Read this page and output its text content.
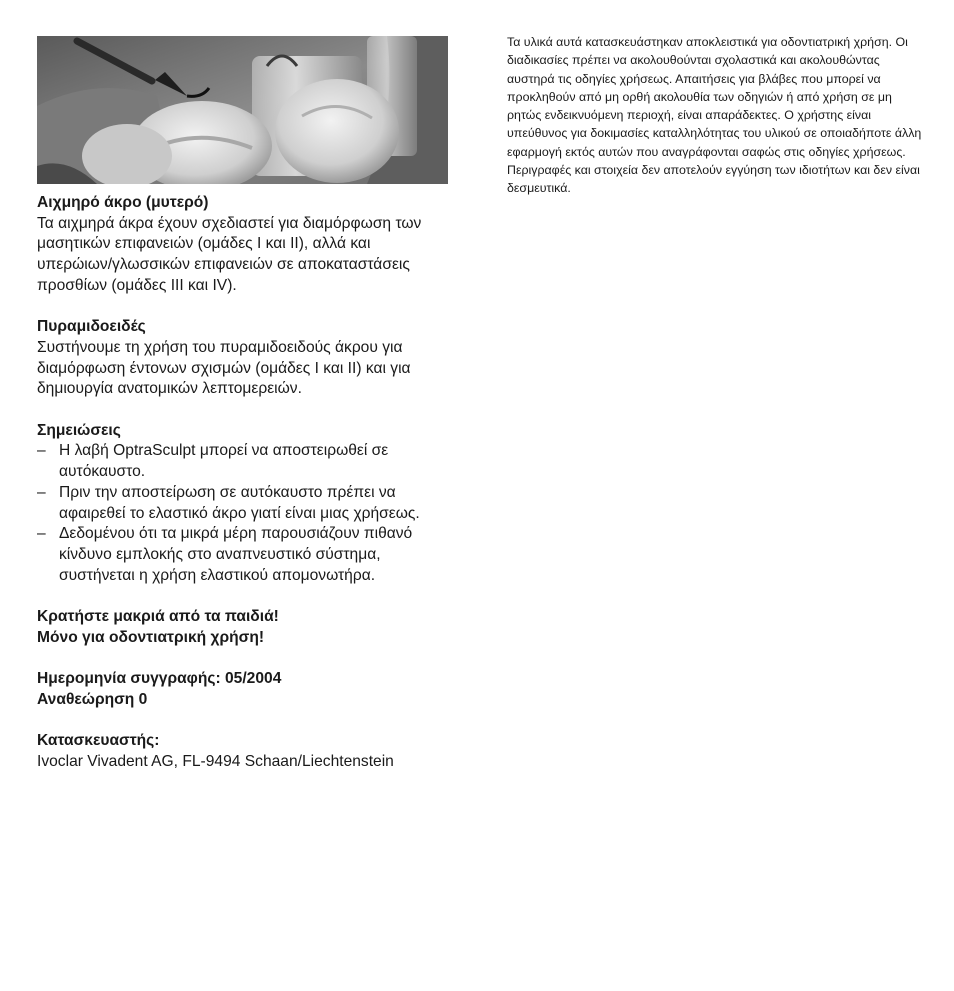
Αιχμηρό άκρο (μυτερό)
Τα αιχμηρά άκρα έχουν σχεδιαστεί για διαμόρφωση των μασητικών επιφανειών (ομάδες I και II), αλλά και υπερώιων/γλωσσικών επιφανειών σε αποκαταστάσεις προσθίων (ομάδες III και IV).
Πυραμιδοειδές
Συστήνουμε τη χρήση του πυραμιδοειδούς άκρου για διαμόρφωση έντονων σχισμών (ομάδες I και II) και για δημιουργία ανατομικών λεπτομερειών.
Σημειώσεις
– Η λαβή OptraSculpt μπορεί να αποστειρωθεί σε αυτόκαυστο.
– Πριν την αποστείρωση σε αυτόκαυστο πρέπει να αφαιρεθεί το ελαστικό άκρο γιατί είναι μιας χρήσεως.
– Δεδομένου ότι τα μικρά μέρη παρουσιάζουν πιθανό κίνδυνο εμπλοκής στο αναπνευστικό σύστημα, συστήνεται η χρήση ελαστικού απομονωτήρα.
Κρατήστε μακριά από τα παιδιά!
Μόνο για οδοντιατρική χρήση!
Ημερομηνία συγγραφής: 05/2004
Αναθεώρηση 0
Κατασκευαστής:
Ivoclar Vivadent AG, FL-9494 Schaan/Liechtenstein

Τα υλικά αυτά κατασκευάστηκαν αποκλειστικά για οδοντιατρική χρήση. Οι διαδικασίες πρέπει να ακολουθούνται σχολαστικά και ακολουθώντας αυστηρά τις οδηγίες χρήσεως. Απαιτήσεις για βλάβες που μπορεί να προκληθούν από μη ορθή ακολουθία των οδηγιών ή από χρήση σε μη ρητώς ενδεικνυόμενη περιοχή, είναι απαράδεκτες. Ο χρήστης είναι υπεύθυνος για δοκιμασίες καταλληλότητας του υλικού σε οποιαδήποτε άλλη εφαρμογή εκτός αυτών που αναγράφονται σαφώς στις οδηγίες χρήσεως. Περιγραφές και στοιχεία δεν αποτελούν εγγύηση των ιδιοτήτων και δεν είναι δεσμευτικά.
